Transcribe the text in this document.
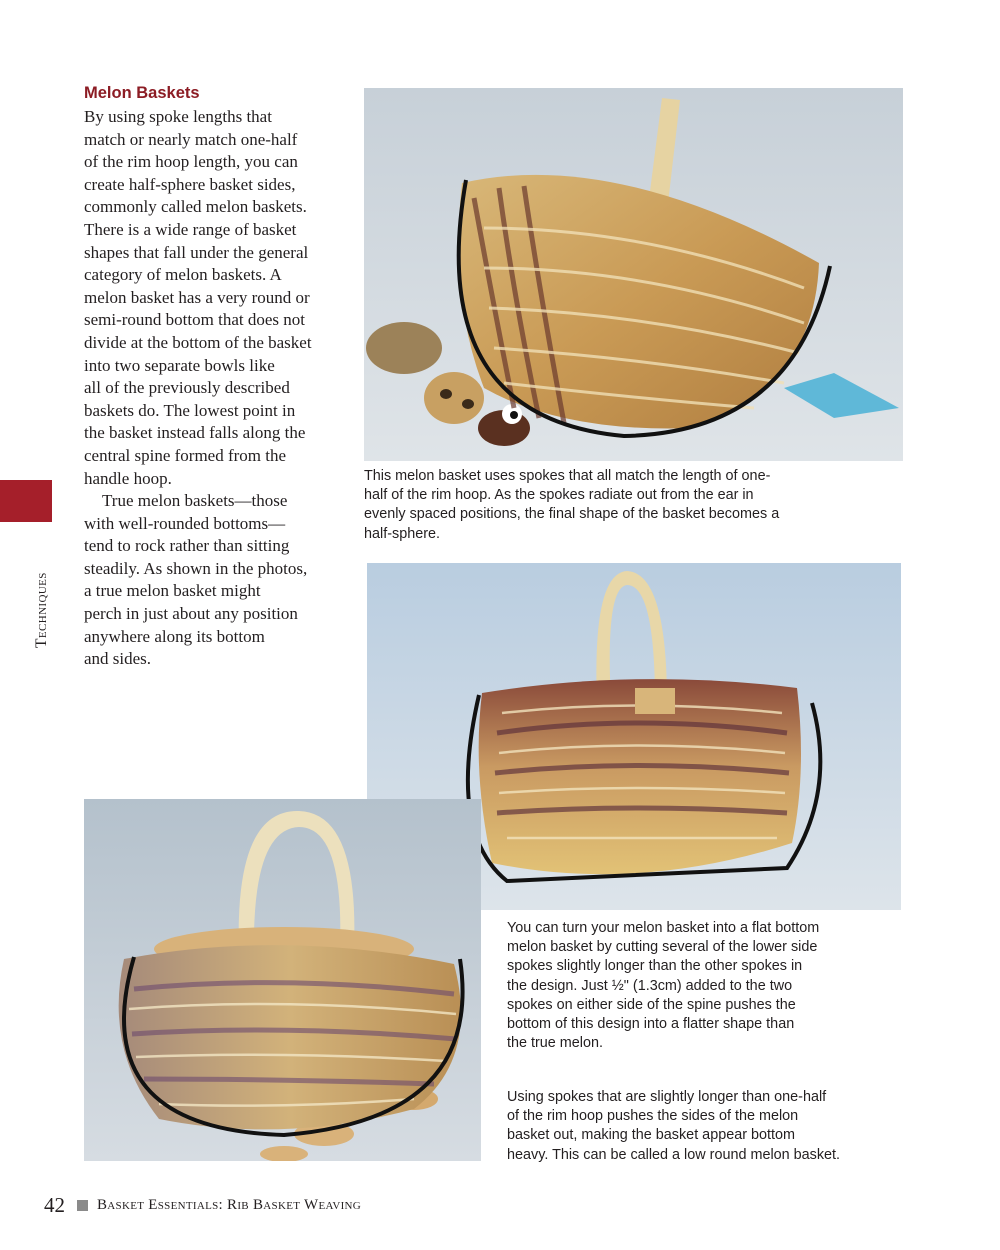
Melon Baskets
By using spoke lengths that
match or nearly match one-half
of the rim hoop length, you can
create half-sphere basket sides,
commonly called melon baskets.
There is a wide range of basket
shapes that fall under the general
category of melon baskets. A
melon basket has a very round or
semi-round bottom that does not
divide at the bottom of the basket
into two separate bowls like
all of the previously described
baskets do. The lowest point in
the basket instead falls along the
central spine formed from the
handle hoop.
True melon baskets—those
with well-rounded bottoms—
tend to rock rather than sitting
steadily. As shown in the photos,
a true melon basket might
perch in just about any position
anywhere along its bottom
and sides.
Techniques
This melon basket uses spokes that all match the length of one-
half of the rim hoop. As the spokes radiate out from the ear in
evenly spaced positions, the final shape of the basket becomes a
half-sphere.
You can turn your melon basket into a flat bottom
melon basket by cutting several of the lower side
spokes slightly longer than the other spokes in
the design. Just ½" (1.3cm) added to the two
spokes on either side of the spine pushes the
bottom of this design into a flatter shape than
the true melon.
Using spokes that are slightly longer than one-half
of the rim hoop pushes the sides of the melon
basket out, making the basket appear bottom
heavy. This can be called a low round melon basket.
42 Basket Essentials: Rib Basket Weaving
